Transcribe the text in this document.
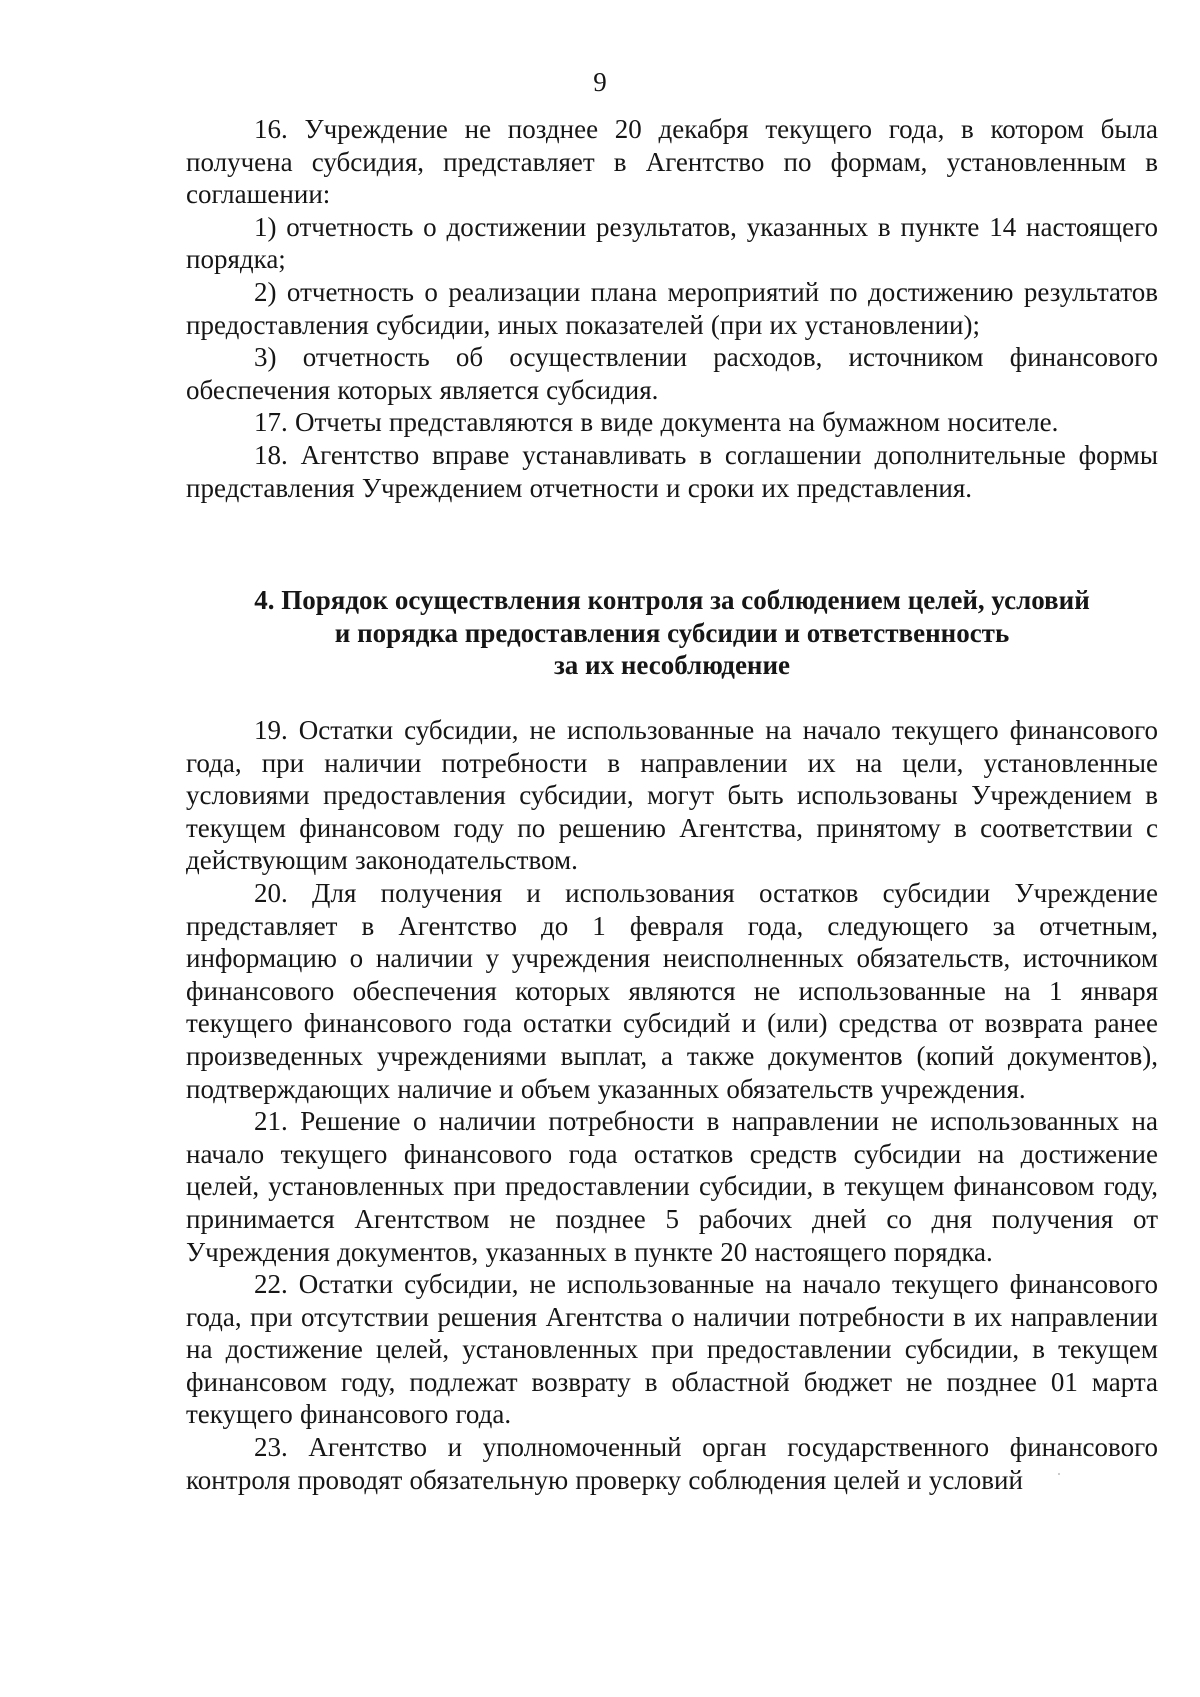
9

16. Учреждение не позднее 20 декабря текущего года, в котором была получена субсидия, представляет в Агентство по формам, установленным в соглашении:

1) отчетность о достижении результатов, указанных в пункте 14 настоящего порядка;

2) отчетность о реализации плана мероприятий по достижению результатов предоставления субсидии, иных показателей (при их установлении);

3) отчетность об осуществлении расходов, источником финансового обеспечения которых является субсидия.

17. Отчеты представляются в виде документа на бумажном носителе.

18. Агентство вправе устанавливать в соглашении дополнительные формы представления Учреждением отчетности и сроки их представления.

4. Порядок осуществления контроля за соблюдением целей, условий
и порядка предоставления субсидии и ответственность
за их несоблюдение

19. Остатки субсидии, не использованные на начало текущего финансового года, при наличии потребности в направлении их на цели, установленные условиями предоставления субсидии, могут быть использованы Учреждением в текущем финансовом году по решению Агентства, принятому в соответствии с действующим законодательством.

20. Для получения и использования остатков субсидии Учреждение представляет в Агентство до 1 февраля года, следующего за отчетным, информацию о наличии у учреждения неисполненных обязательств, источником финансового обеспечения которых являются не использованные на 1 января текущего финансового года остатки субсидий и (или) средства от возврата ранее произведенных учреждениями выплат, а также документов (копий документов), подтверждающих наличие и объем указанных обязательств учреждения.

21. Решение о наличии потребности в направлении не использованных на начало текущего финансового года остатков средств субсидии на достижение целей, установленных при предоставлении субсидии, в текущем финансовом году, принимается Агентством не позднее 5 рабочих дней со дня получения от Учреждения документов, указанных в пункте 20 настоящего порядка.

22. Остатки субсидии, не использованные на начало текущего финансового года, при отсутствии решения Агентства о наличии потребности в их направлении на достижение целей, установленных при предоставлении субсидии, в текущем финансовом году, подлежат возврату в областной бюджет не позднее 01 марта текущего финансового года.

23. Агентство и уполномоченный орган государственного финансового контроля проводят обязательную проверку соблюдения целей и условий
